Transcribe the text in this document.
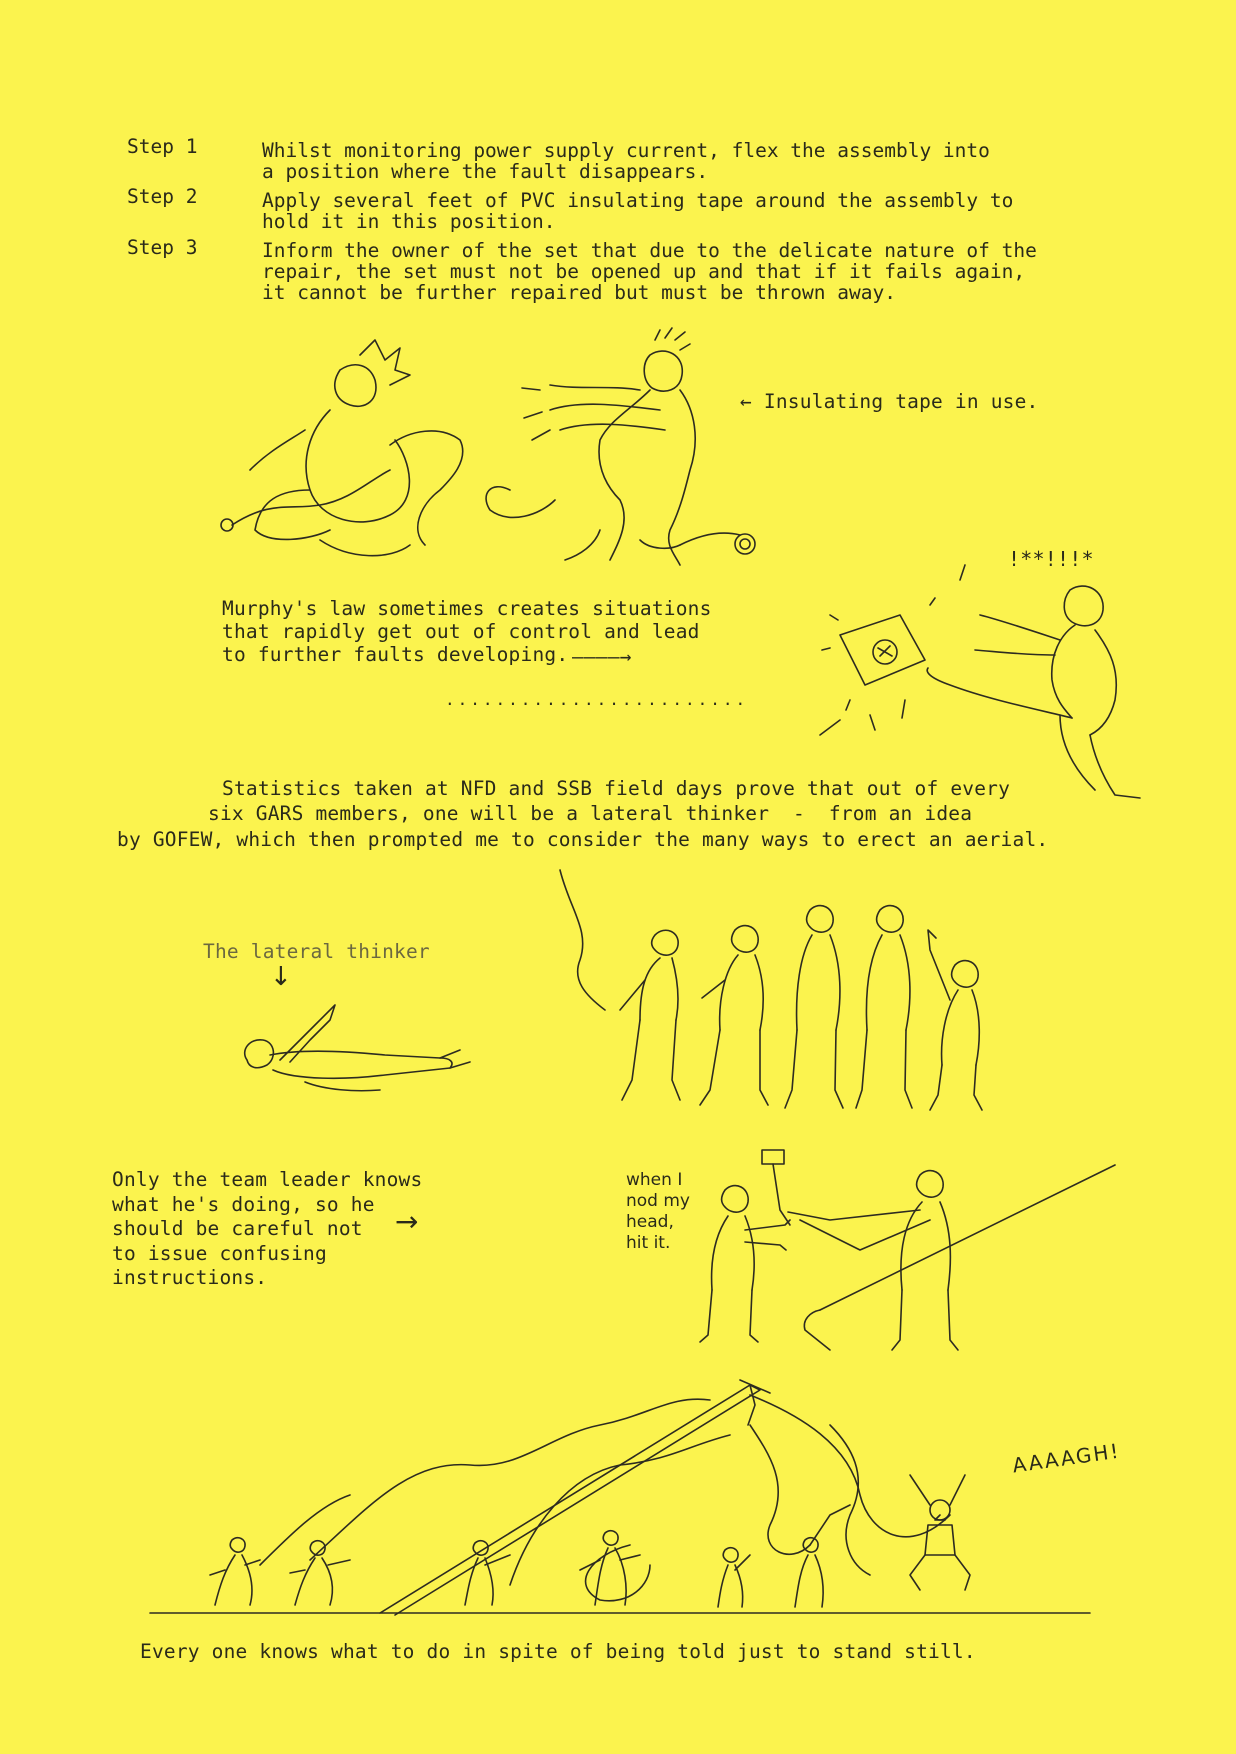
Step 1	Whilst monitoring power supply current, flex the assembly into
a position where the fault disappears.
Step 2	Apply several feet of PVC insulating tape around the assembly to
hold it in this position.
Step 3	Inform the owner of the set that due to the delicate nature of the
repair, the set must not be opened up and that if it fails again,
it cannot be further repaired but must be thrown away.
← Insulating tape in use.
Murphy's law sometimes creates situations
that rapidly get out of control and lead
to further faults developing. ————→
........................
!**!!!*
Statistics taken at NFD and SSB field days prove that out of every
six GARS members, one will be a lateral thinker  -  from an idea
by GOFEW, which then prompted me to consider the many ways to erect an aerial.
The lateral thinker
↓
Only the team leader knows
what he's doing, so he
should be careful not
to issue confusing
instructions.
→
when I
nod my
head,
hit it.
AAAAGH!
Every one knows what to do in spite of being told just to stand still.
